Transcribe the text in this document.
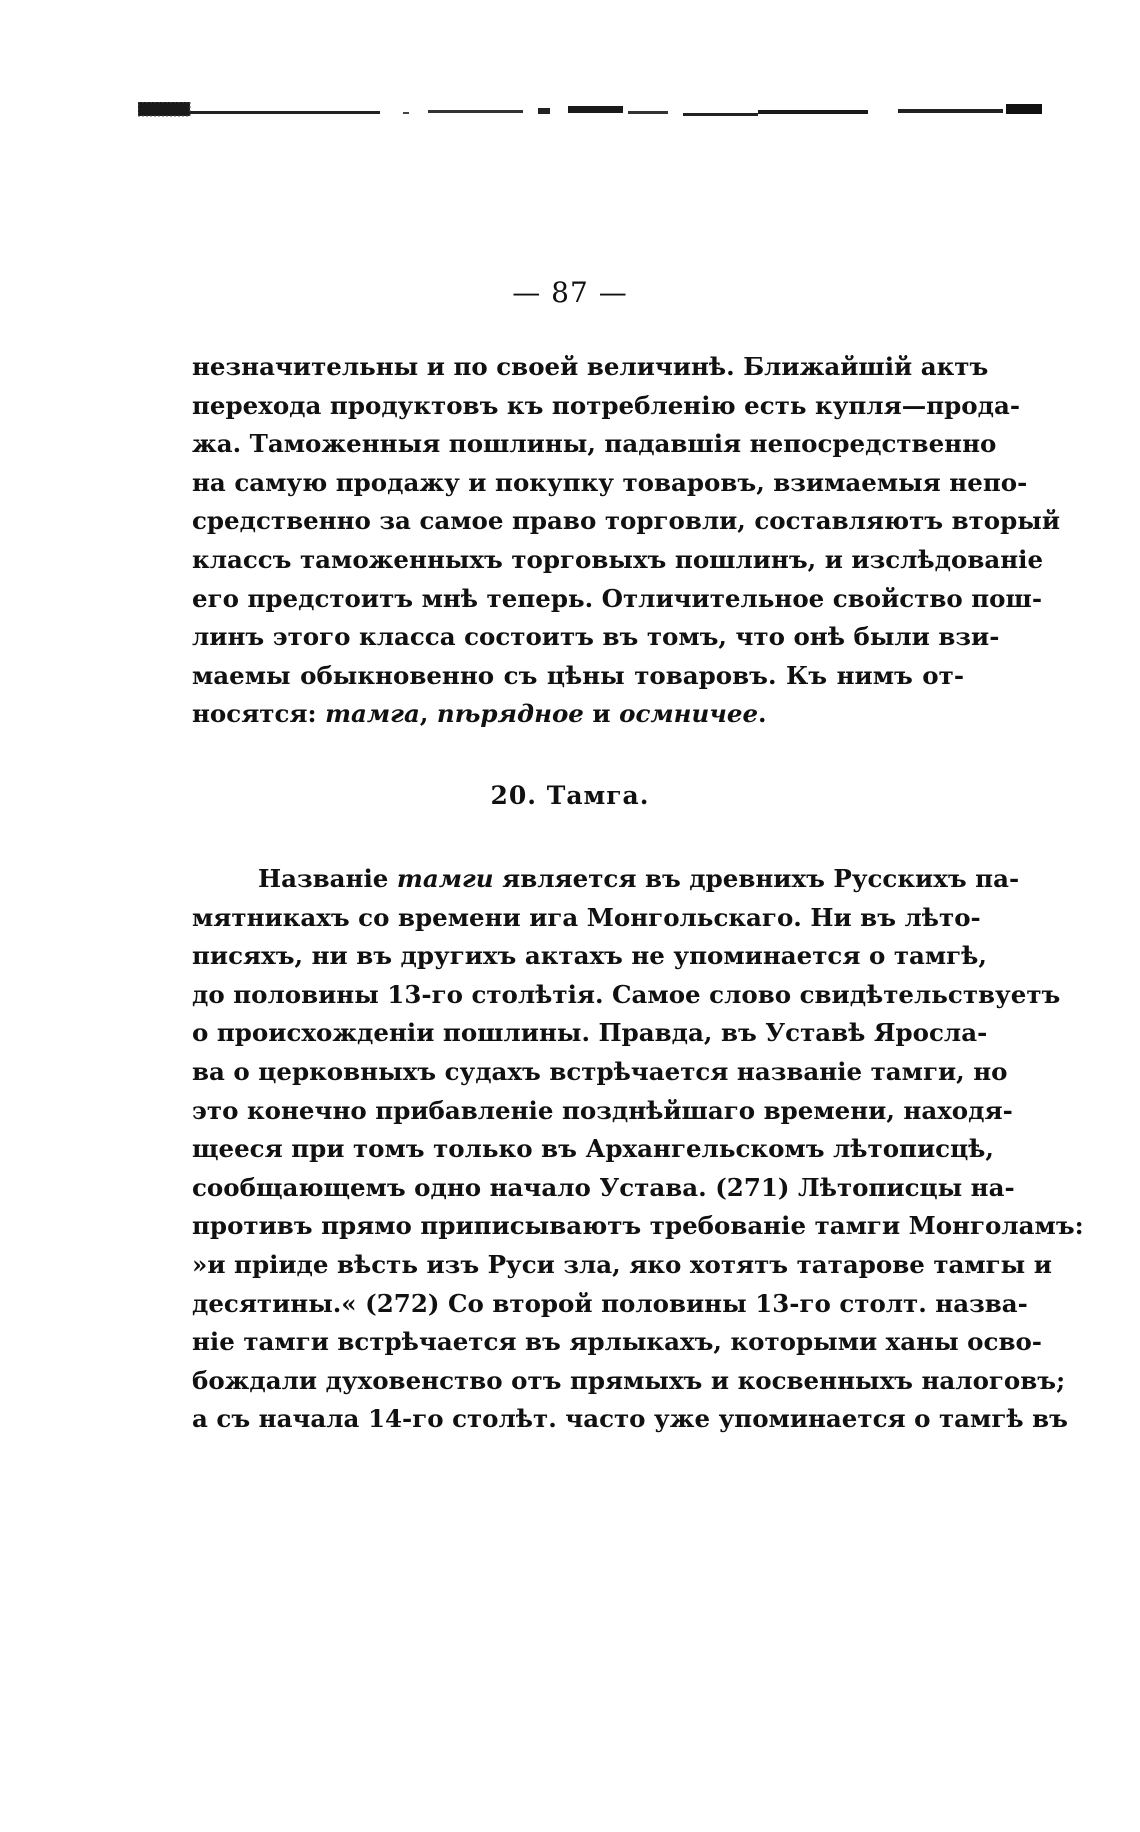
— 87 —
незначительны и по своей величинѣ. Ближайшій актъ
перехода продуктовъ къ потребленію есть купля—прода-
жа. Таможенныя пошлины, падавшія непосредственно
на самую продажу и покупку товаровъ, взимаемыя непо-
средственно за самое право торговли, составляютъ вторый
классъ таможенныхъ торговыхъ пошлинъ, и изслѣдованіе
его предстоитъ мнѣ теперь. Отличительное свойство пош-
линъ этого класса состоитъ въ томъ, что онѣ были взи-
маемы обыкновенно съ цѣны товаровъ. Къ нимъ от-
носятся: тамга, пѣрядное и осмничее.
20. Тамга.
Названіе тамги является въ древнихъ Русскихъ па-
мятникахъ со времени ига Монгольскаго. Ни въ лѣто-
писяхъ, ни въ другихъ актахъ не упоминается о тамгѣ,
до половины 13-го столѣтія. Самое слово свидѣтельствуетъ
о происхожденіи пошлины. Правда, въ Уставѣ Яросла-
ва о церковныхъ судахъ встрѣчается названіе тамги, но
это конечно прибавленіе позднѣйшаго времени, находя-
щееся при томъ только въ Архангельскомъ лѣтописцѣ,
сообщающемъ одно начало Устава. (271) Лѣтописцы на-
противъ прямо приписываютъ требованіе тамги Монголамъ:
»и пріиде вѣсть изъ Руси зла, яко хотятъ татарове тамгы и
десятины.« (272) Со второй половины 13-го столт. назва-
ніе тамги встрѣчается въ ярлыкахъ, которыми ханы осво-
бождали духовенство отъ прямыхъ и косвенныхъ налоговъ;
а съ начала 14-го столѣт. часто уже упоминается о тамгѣ въ
